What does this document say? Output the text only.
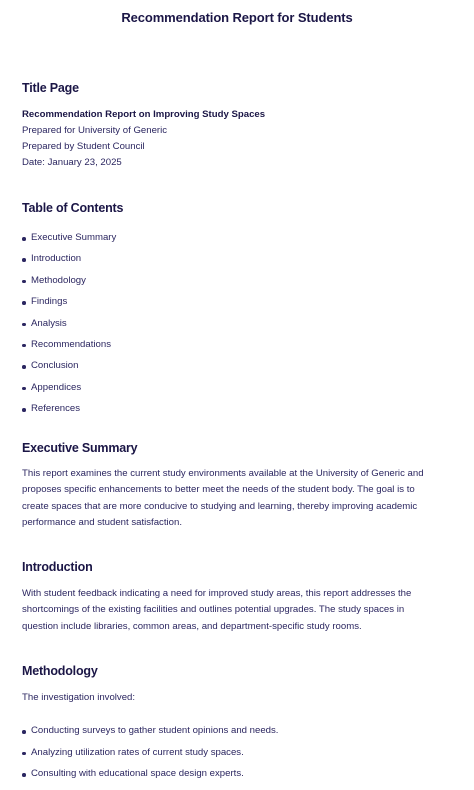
Recommendation Report for Students
Title Page

Recommendation Report on Improving Study Spaces

Prepared for University of Generic

Prepared by Student Council

Date: January 23, 2025

Table of Contents
Executive Summary
Introduction
Methodology
Findings
Analysis
Recommendations
Conclusion
Appendices
References
Executive Summary
This report examines the current study environments available at the University of Generic and
proposes specific enhancements to better meet the needs of the student body. The goal is to
create spaces that are more conducive to studying and learning, thereby improving academic
performance and student satisfaction.
Introduction
With student feedback indicating a need for improved study areas, this report addresses the
shortcomings of the existing facilities and outlines potential upgrades. The study spaces in
question include libraries, common areas, and department-specific study rooms.
Methodology

The investigation involved:

Conducting surveys to gather student opinions and needs.
Analyzing utilization rates of current study spaces.
Consulting with educational space design experts.
